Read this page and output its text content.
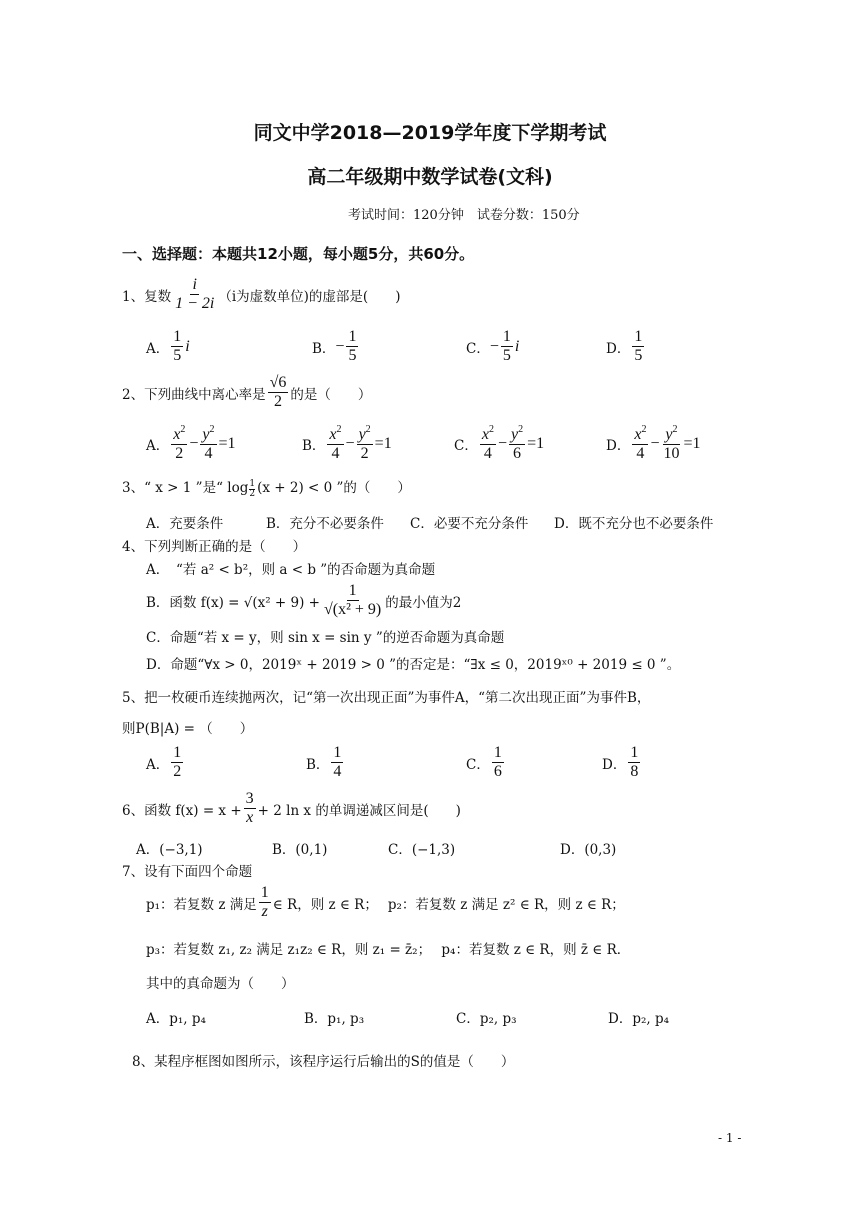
同文中学2018—2019学年度下学期考试
高二年级期中数学试卷(文科)
考试时间：120分钟　试卷分数：150分
一、选择题：本题共12小题，每小题5分，共60分。
1、复数 $\frac{i}{1 - 2i} (i$为虚数单位)的虚部是(　　)
A． $\frac{1}{5}$ i	B． − $\frac{1}{5}$	C． − $\frac{1}{5}$ i	D． $\frac{1}{5}$
2、下列曲线中离心率是 $\frac{√6}{2}$ 的是（　　）
A． $\frac{x^2}{2} - \frac{y^2}{4} =1$	B． $\frac{x^2}{4} - \frac{y^2}{2} =1$	C． $\frac{x^2}{4} - \frac{y^2}{6} =1$	D． $\frac{x^2}{4} - \frac{y^2}{10} =1$
3、“ x > 1 ”是“ log 1
2 (x + 2) < 0 ”的（　　）
A．充要条件	B．充分不必要条件 C．必要不充分条件 D．既不充分也不必要条件
4、下列判断正确的是（　　）
A．　“若 a² < b²，则 a < b ”的否命题为真命题
B．函数 $f(x) = √(x^2 + 9) + \frac{1}{\text{√(x² + 9)}}$ 的最小值为2
C．命题“若 x = y，则 sin x = sin y ”的逆否命题为真命题
D．命题“∀x > 0，2019ˣ + 2019 > 0 ”的否定是：“∃x ≤ 0，2019ˣ⁰ + 2019 ≤ 0 ”。
5、把一枚硬币连续抛两次，记“第一次出现正面”为事件A，“第二次出现正面”为事件B，
则P(B|A) = （　　）
A． $\frac{1}{2}$	B． $\frac{1}{4}$	C． $\frac{1}{6}$	D． $\frac{1}{8}$
6、函数 $f(x) = x + \frac{3}{x} + 2$ ln x 的单调递减区间是(　　)
A．(−3,1)	B．(0,1)	C．(−1,3)	D．(0,3)
7、设有下面四个命题
p₁：若复数 z 满足 $\frac{1}{z}$ ∈ R，则 z ∈ R； p₂：若复数 z 满足 z² ∈ R，则 z ∈ R；
p₃：若复数 z₁, z₂ 满足 z₁z₂ ∈ R，则 z₁ = z̄₂； p₄：若复数 z ∈ R，则 z̄ ∈ R．
其中的真命题为（　　）
A．p₁, p₄	B．p₁, p₃	C．p₂, p₃	D．p₂, p₄
8、某程序框图如图所示，该程序运行后输出的S的值是（　　）
- 1 -
